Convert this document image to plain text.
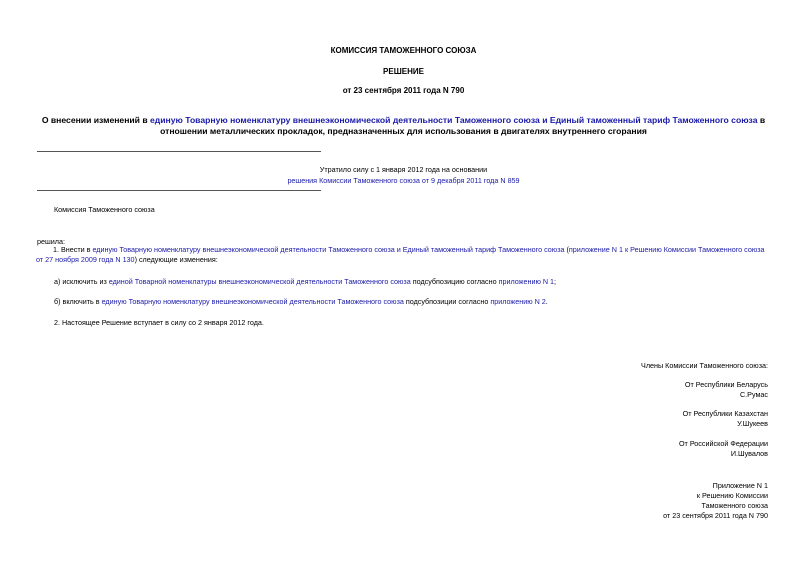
КОМИССИЯ ТАМОЖЕННОГО СОЮЗА
РЕШЕНИЕ
от 23 сентября 2011 года N 790
О внесении изменений в единую Товарную номенклатуру внешнеэкономической деятельности Таможенного союза и Единый таможенный тариф Таможенного союза в отношении металлических прокладок, предназначенных для использования в двигателях внутреннего сгорания
Утратило силу с 1 января 2012 года на основании
решения Комиссии Таможенного союза от 9 декабря 2011 года N 859
Комиссия Таможенного союза
решила:
1. Внести в единую Товарную номенклатуру внешнеэкономической деятельности Таможенного союза и Единый таможенный тариф Таможенного союза (приложение N 1 к Решению Комиссии Таможенного союза от 27 ноября 2009 года N 130) следующие изменения:
а) исключить из единой Товарной номенклатуры внешнеэкономической деятельности Таможенного союза подсубпозицию согласно приложению N 1;
б) включить в единую Товарную номенклатуру внешнеэкономической деятельности Таможенного союза подсубпозиции согласно приложению N 2.
2. Настоящее Решение вступает в силу со 2 января 2012 года.
Члены Комиссии Таможенного союза:
От Республики Беларусь
С.Румас
От Республики Казахстан
У.Шукеев
От Российской Федерации
И.Шувалов
Приложение N 1
к Решению Комиссии
Таможенного союза
от 23 сентября 2011 года N 790
